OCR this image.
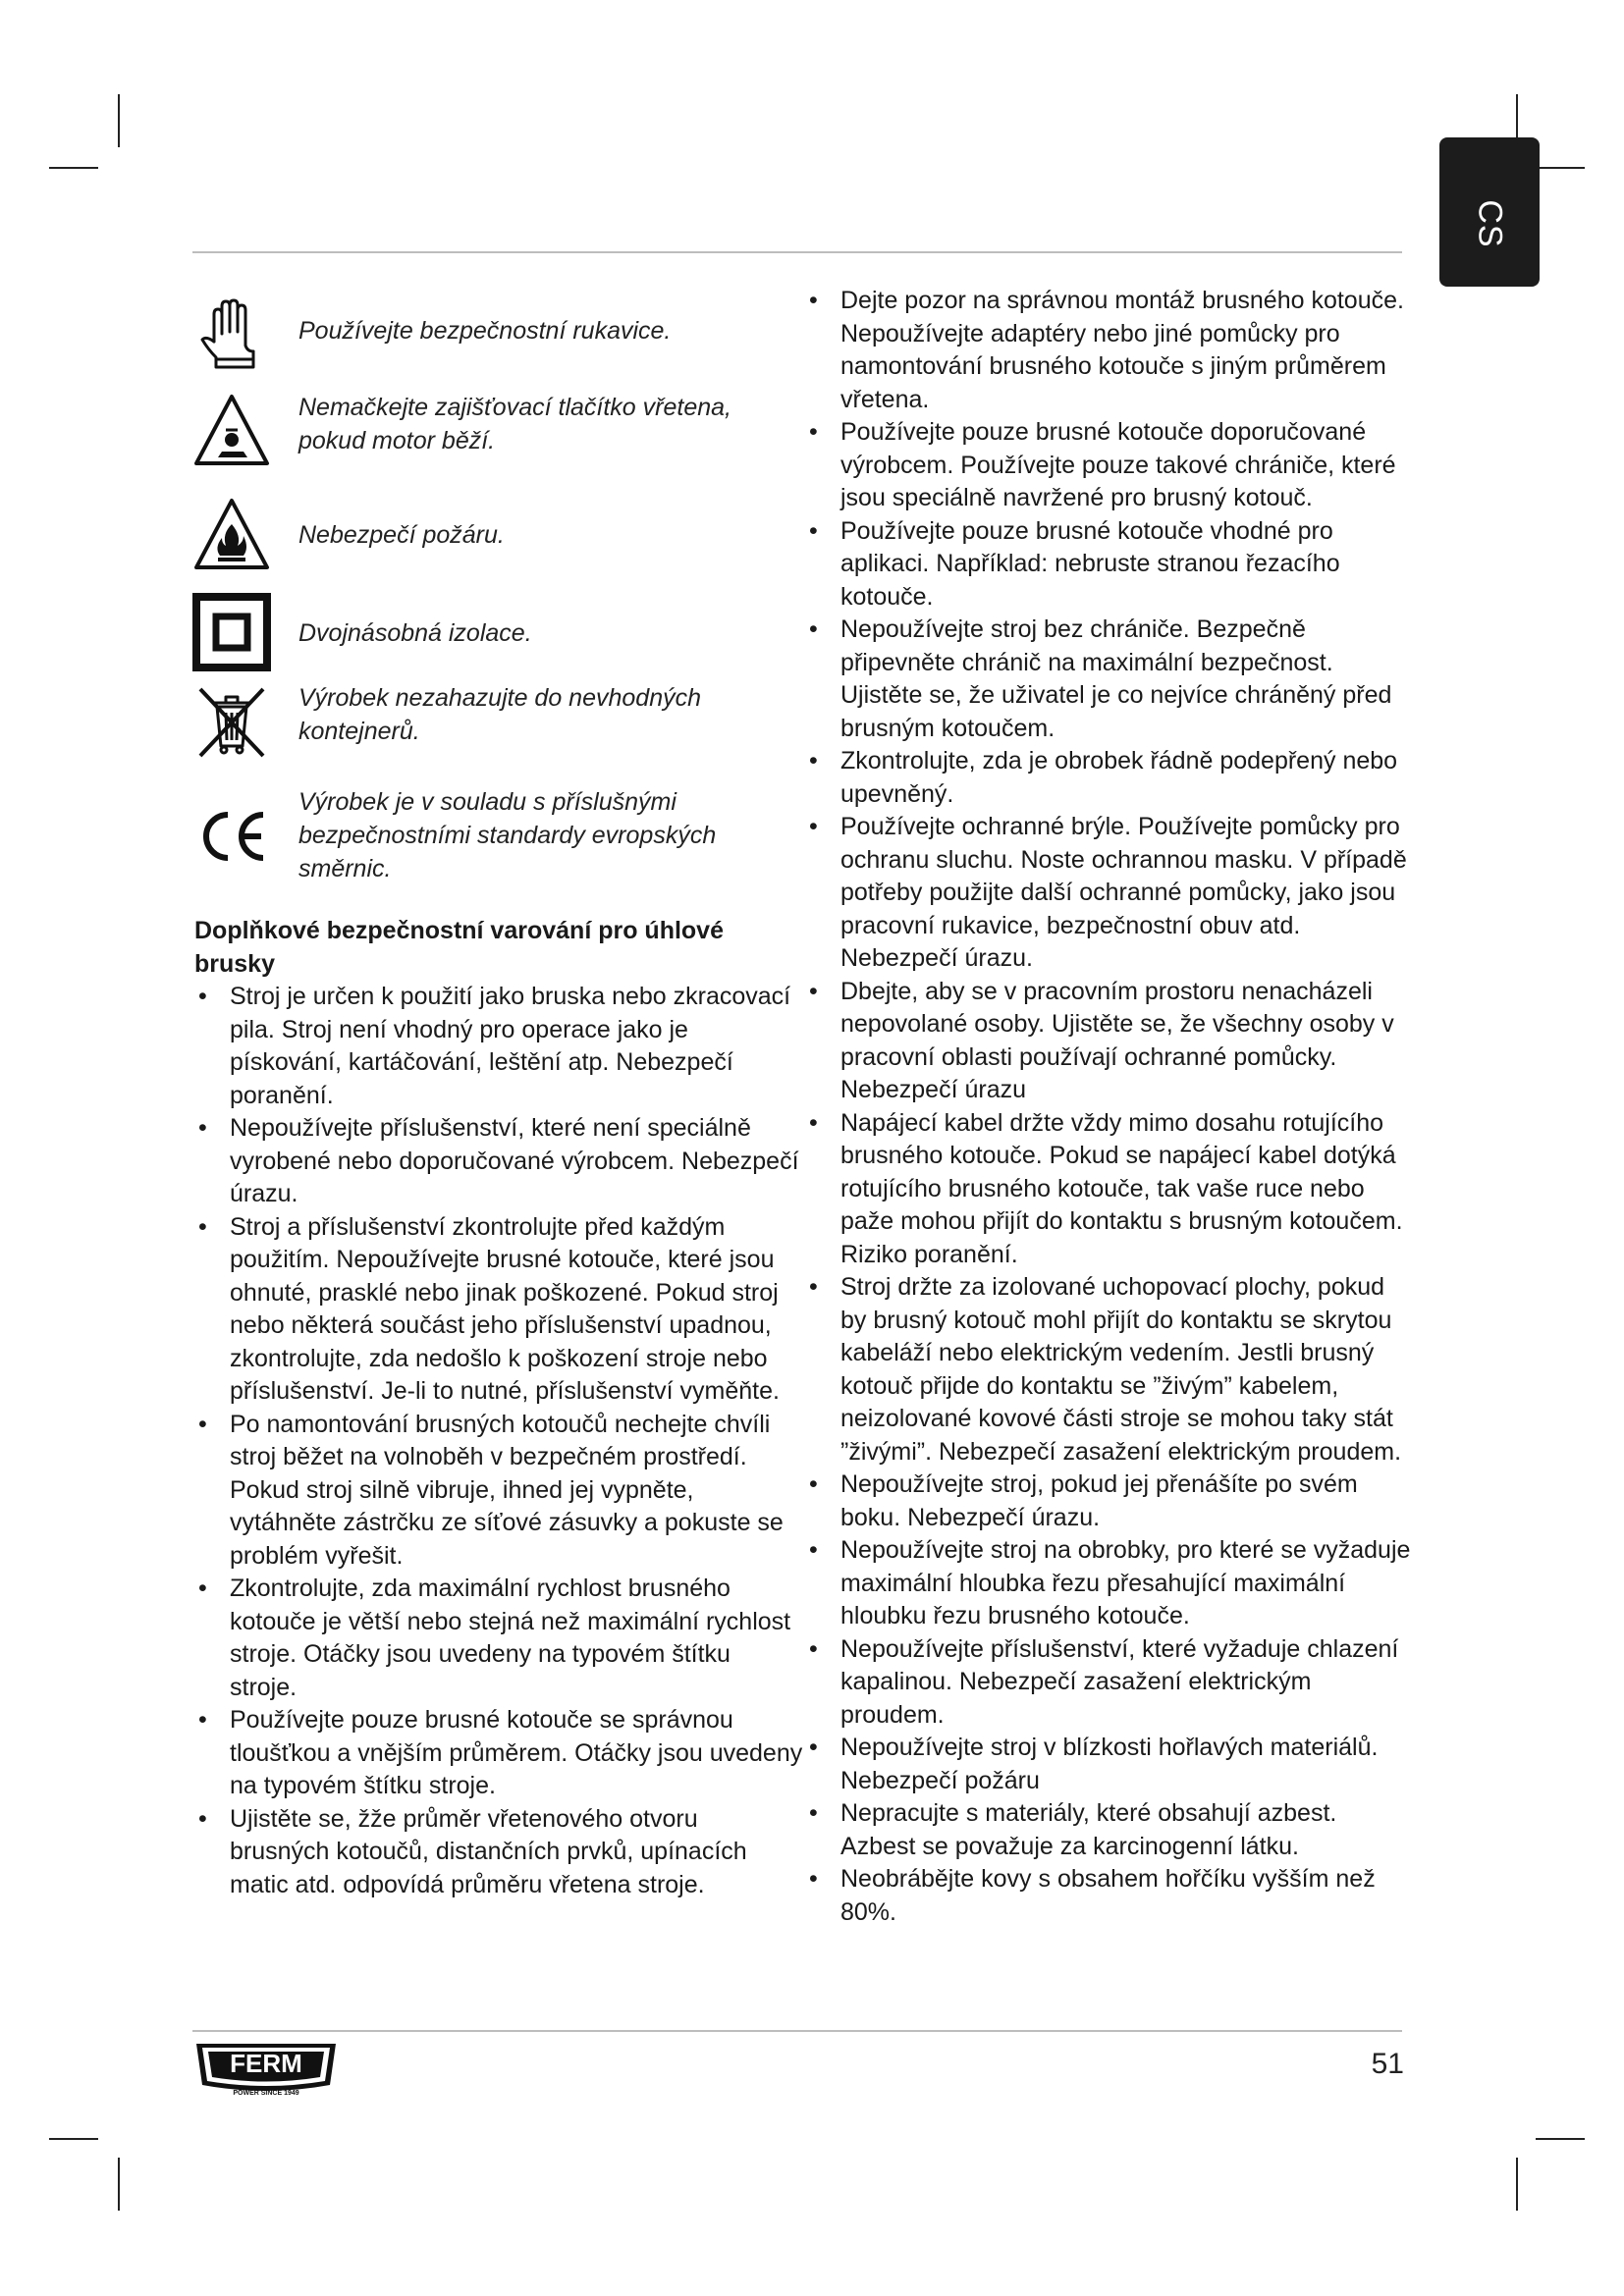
CS
Používejte bezpečnostní rukavice.
Nemačkejte zajišťovací tlačítko vřetena, pokud motor běží.
Nebezpečí požáru.
Dvojnásobná izolace.
Výrobek nezahazujte do nevhodných kontejnerů.
Výrobek je v souladu s příslušnými bezpečnostními standardy evropských směrnic.

Doplňkové bezpečnostní varování pro úhlové brusky

• Stroj je určen k použití jako bruska nebo zkracovací pila. Stroj není vhodný pro operace jako je pískování, kartáčování, leštění atp. Nebezpečí poranění.
• Nepoužívejte příslušenství, které není speciálně vyrobené nebo doporučované výrobcem. Nebezpečí úrazu.
• Stroj a příslušenství zkontrolujte před každým použitím. Nepoužívejte brusné kotouče, které jsou ohnuté, prasklé nebo jinak poškozené. Pokud stroj nebo některá součást jeho příslušenství upadnou, zkontrolujte, zda nedošlo k poškození stroje nebo příslušenství. Je-li to nutné, příslušenství vyměňte.
• Po namontování brusných kotoučů nechejte chvíli stroj běžet na volnoběh v bezpečném prostředí. Pokud stroj silně vibruje, ihned jej vypněte, vytáhněte zástrčku ze síťové zásuvky a pokuste se problém vyřešit.
• Zkontrolujte, zda maximální rychlost brusného kotouče je větší nebo stejná než maximální rychlost stroje. Otáčky jsou uvedeny na typovém štítku stroje.
• Používejte pouze brusné kotouče se správnou tloušťkou a vnějším průměrem. Otáčky jsou uvedeny na typovém štítku stroje.
• Ujistěte se, žže průměr vřetenového otvoru brusných kotoučů, distančních prvků, upínacích matic atd. odpovídá průměru vřetena stroje.
• Dejte pozor na správnou montáž brusného kotouče. Nepoužívejte adaptéry nebo jiné pomůcky pro namontování brusného kotouče s jiným průměrem vřetena.
• Používejte pouze brusné kotouče doporučované výrobcem. Používejte pouze takové chrániče, které jsou speciálně navržené pro brusný kotouč.
• Používejte pouze brusné kotouče vhodné pro aplikaci. Například: nebruste stranou řezacího kotouče.
• Nepoužívejte stroj bez chrániče. Bezpečně připevněte chránič na maximální bezpečnost. Ujistěte se, že uživatel je co nejvíce chráněný před brusným kotoučem.
• Zkontrolujte, zda je obrobek řádně podepřený nebo upevněný.
• Používejte ochranné brýle. Používejte pomůcky pro ochranu sluchu. Noste ochrannou masku. V případě potřeby použijte další ochranné pomůcky, jako jsou pracovní rukavice, bezpečnostní obuv atd. Nebezpečí úrazu.
• Dbejte, aby se v pracovním prostoru nenacházeli nepovolané osoby. Ujistěte se, že všechny osoby v pracovní oblasti používají ochranné pomůcky. Nebezpečí úrazu
• Napájecí kabel držte vždy mimo dosahu rotujícího brusného kotouče. Pokud se napájecí kabel dotýká rotujícího brusného kotouče, tak vaše ruce nebo paže mohou přijít do kontaktu s brusným kotoučem. Riziko poranění.
• Stroj držte za izolované uchopovací plochy, pokud by brusný kotouč mohl přijít do kontaktu se skrytou kabeláží nebo elektrickým vedením. Jestli brusný kotouč přijde do kontaktu se ”živým” kabelem, neizolované kovové části stroje se mohou taky stát ”živými”. Nebezpečí zasažení elektrickým proudem.
• Nepoužívejte stroj, pokud jej přenášíte po svém boku. Nebezpečí úrazu.
• Nepoužívejte stroj na obrobky, pro které se vyžaduje maximální hloubka řezu přesahující maximální hloubku řezu brusného kotouče.
• Nepoužívejte příslušenství, které vyžaduje chlazení kapalinou. Nebezpečí zasažení elektrickým proudem.
• Nepoužívejte stroj v blízkosti hořlavých materiálů. Nebezpečí požáru
• Nepracujte s materiály, které obsahují azbest. Azbest se považuje za karcinogenní látku.
• Neobrábějte kovy s obsahem hořčíku vyšším než 80%.
FERM
POWER SINCE 1949
51
